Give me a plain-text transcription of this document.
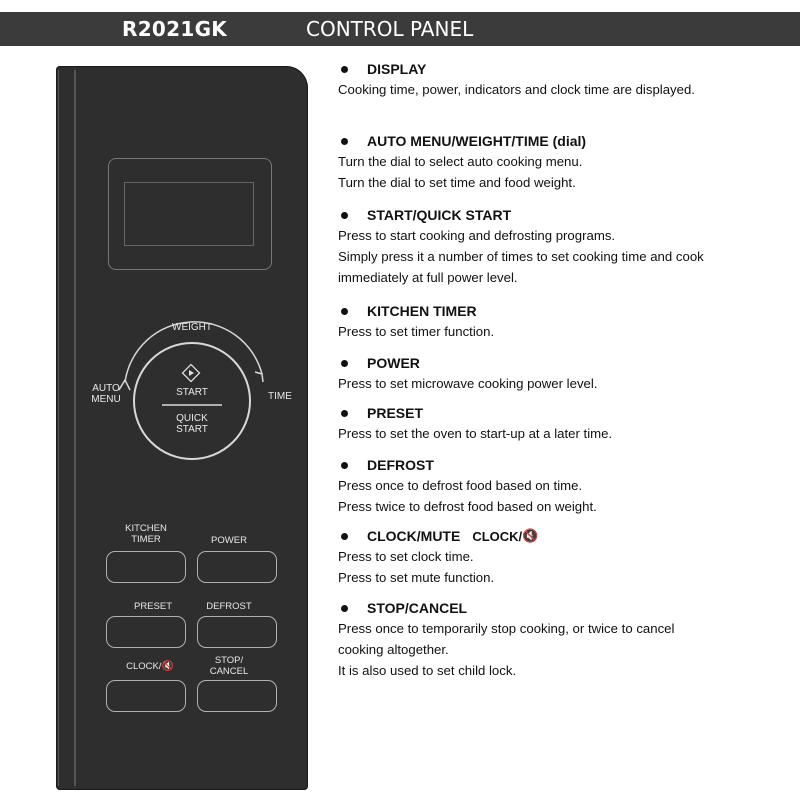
R2021GK	CONTROL PANEL
WEIGHT
AUTO
MENU	TIME
START
QUICK
START
KITCHEN
TIMER	POWER
PRESET	DEFROST
CLOCK/🔇
STOP/
CANCEL
DISPLAY
Cooking time, power, indicators and clock time are displayed.
AUTO MENU/WEIGHT/TIME (dial)
Turn the dial to select auto cooking menu.
Turn the dial to set time and food weight.
START/QUICK START
Press to start cooking and defrosting programs.
Simply press it a number of times to set cooking time and cook immediately at full power level.
KITCHEN TIMER
Press to set timer function.
POWER
Press to set microwave cooking power level.
PRESET
Press to set the oven to start-up at a later time.
DEFROST
Press once to defrost food based on time.
Press twice to defrost food based on weight.
CLOCK/MUTE CLOCK/ 🔇
Press to set clock time.
Press to set mute function.
STOP/CANCEL
Press once to temporarily stop cooking, or twice to cancel cooking altogether.
It is also used to set child lock.
